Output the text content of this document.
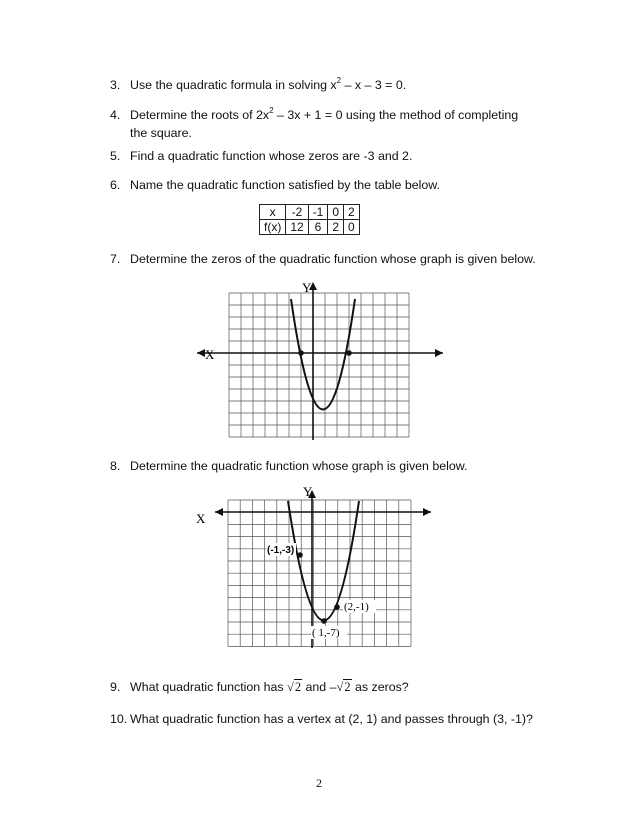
3. Use the quadratic formula in solving $x^2 - x - 3 = 0$.
4. Determine the roots of $2x^2 - 3x + 1 = 0$ using the method of completing
the square.
5. Find a quadratic function whose zeros are -3 and 2.
6. Name the quadratic function satisfied by the table below.
x	-2	-1	0	2
f(x)	12	6	2	0
7. Determine the zeros of the quadratic function whose graph is given below.
X
Y
8. Determine the quadratic function whose graph is given below.
(-1,-3)
(2,-1)
( 1,-7)
X
Y
9. What quadratic function has √2 and –√2 as zeros?
10. What quadratic function has a vertex at (2, 1) and passes through (3, -1)?
2
